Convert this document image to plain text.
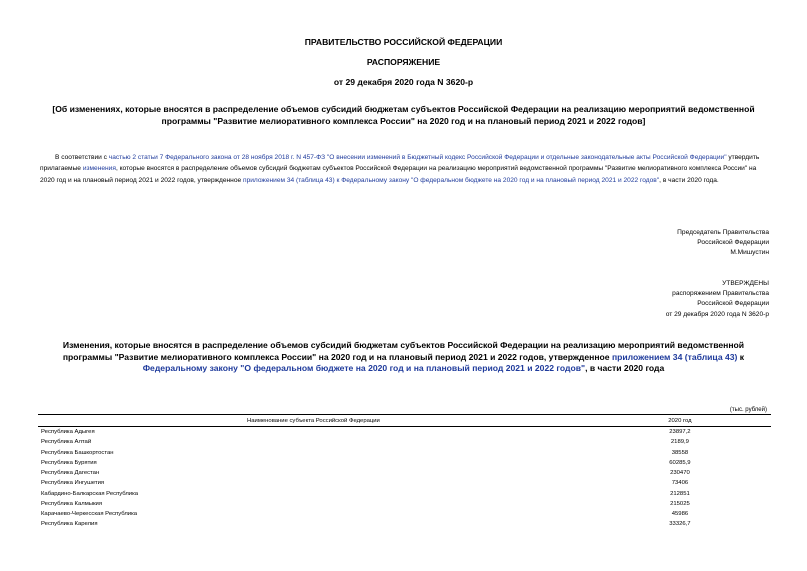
ПРАВИТЕЛЬСТВО РОССИЙСКОЙ ФЕДЕРАЦИИ
РАСПОРЯЖЕНИЕ
от 29 декабря 2020 года N 3620-р
[Об изменениях, которые вносятся в распределение объемов субсидий бюджетам субъектов Российской Федерации на реализацию мероприятий ведомственной программы "Развитие мелиоративного комплекса России" на 2020 год и на плановый период 2021 и 2022 годов]
В соответствии с частью 2 статьи 7 Федерального закона от 28 ноября 2018 г. N 457-ФЗ "О внесении изменений в Бюджетный кодекс Российской Федерации и отдельные законодательные акты Российской Федерации" утвердить прилагаемые изменения, которые вносятся в распределение объемов субсидий бюджетам субъектов Российской Федерации на реализацию мероприятий ведомственной программы "Развитие мелиоративного комплекса России" на 2020 год и на плановый период 2021 и 2022 годов, утвержденное приложением 34 (таблица 43) к Федеральному закону "О федеральном бюджете на 2020 год и на плановый период 2021 и 2022 годов", в части 2020 года.
Председатель Правительства
Российской Федерации
М.Мишустин
УТВЕРЖДЕНЫ
распоряжением Правительства
Российской Федерации
от 29 декабря 2020 года N 3620-р
Изменения, которые вносятся в распределение объемов субсидий бюджетам субъектов Российской Федерации на реализацию мероприятий ведомственной программы "Развитие мелиоративного комплекса России" на 2020 год и на плановый период 2021 и 2022 годов, утвержденное приложением 34 (таблица 43) к Федеральному закону "О федеральном бюджете на 2020 год и на плановый период 2021 и 2022 годов", в части 2020 года
(тыс. рублей)
Наименование субъекта Российской Федерации	2020 год
Республика Адыгея	23897,2
Республика Алтай	2189,9
Республика Башкортостан	38558
Республика Бурятия	60285,9
Республика Дагестан	230470
Республика Ингушетия	73406
Кабардино-Балкарская Республика	212851
Республика Калмыкия	215025
Карачаево-Черкесская Республика	45986
Республика Карелия	33326,7
